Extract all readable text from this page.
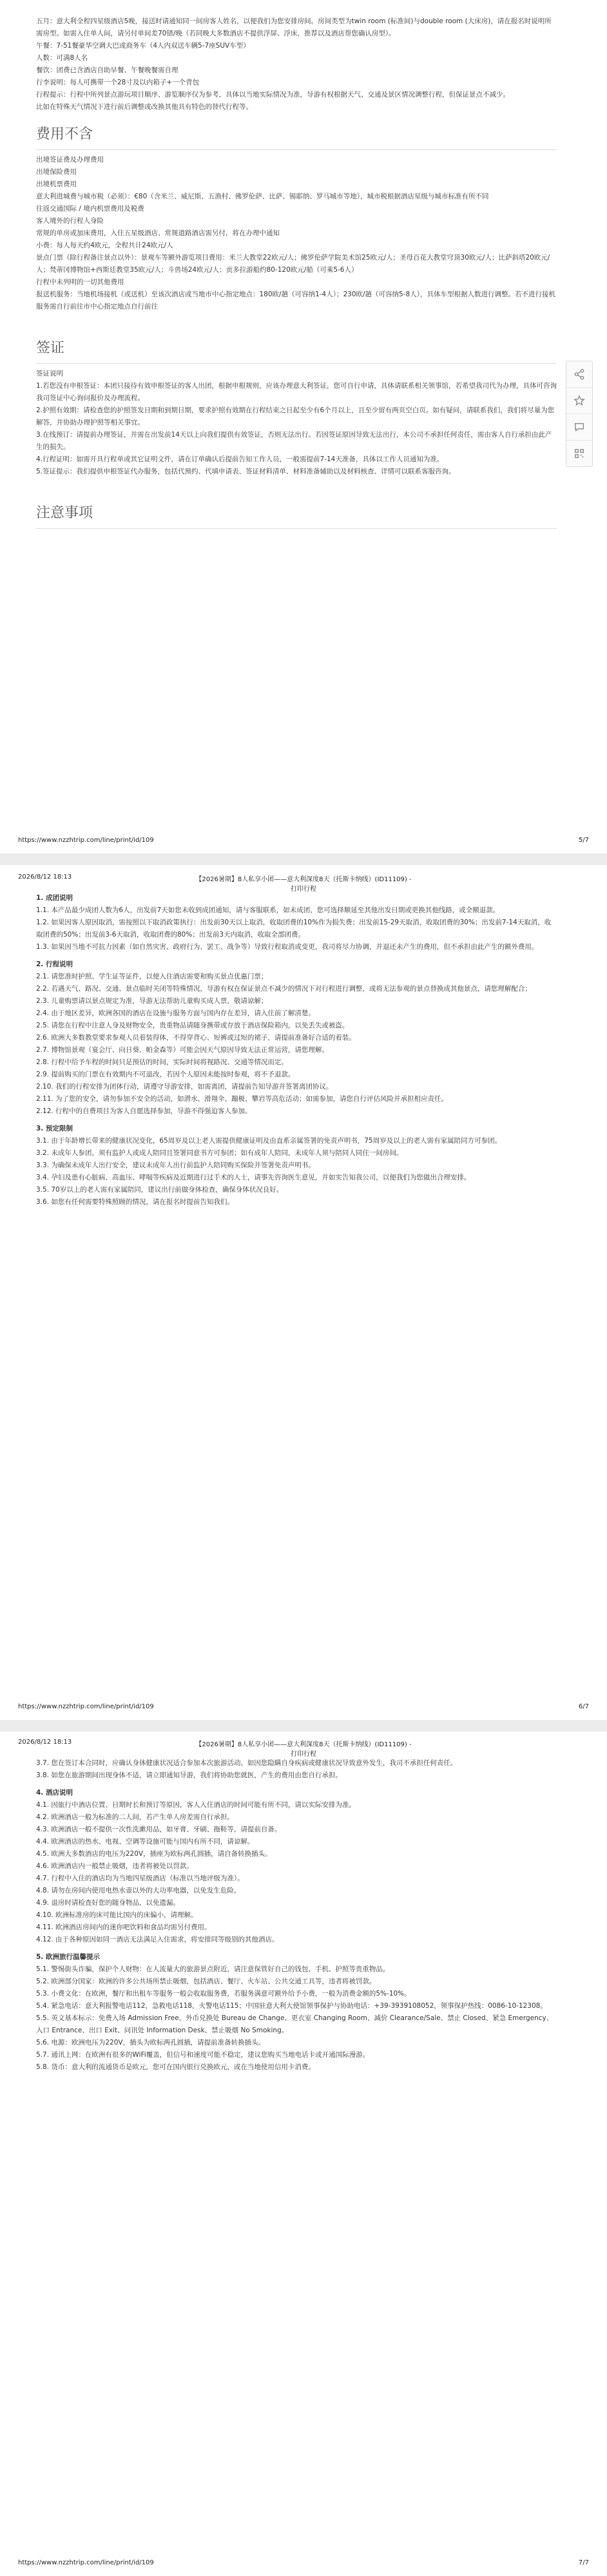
五月：意大利全程四星级酒店5晚，接送时请通知同一间房客人姓名，以便我们为您安排房间。房间类型为twin room (标准间)与double room (大床房)，请在报名时说明所需房型。如需入住单人间，请另付单间差70错/晚（若同晚大多数酒店不提供浮屏、浮床，推荐以及酒店帮您确认房型）。

午餐：7-51餐豪华空调大巴或商务车（4人内双送车辆5-7座SUV车型）

人数：可满8人名

餐饮：团费已含酒店自助早餐、午餐晚餐需自理

行李说明：每人可携带一个28寸及以内箱子+一个背包

行程提示：行程中所列景点游玩项目顺序、游览顺序仅为参考，具体以当地实际情况为准，导游有权根据天气、交通及景区情况调整行程，但保证景点不减少。

比如在特殊天气情况下进行前后调整或改换其他具有特色的替代行程等。

费用不含

出境签证费及办理费用

出境保险费用

出境机票费用

意大利进城费与城市税（必须）：€80（含米兰、威尼斯、五渔村、佛罗伦萨、比萨、锡耶纳、罗马城市等地），城市税根据酒店星级与城市标准有所不同

往返交通国际 / 境内机票费用及税费

客人境外的行程人身险

常规的单房或加床费用，入住五星级酒店、常规道路酒店需另付，将在办理中通知

小费：每人每天约4欧元，全程共计24欧元/人

景点门票（除行程备注景点以外）：景观车等额外游览项目费用：米兰大教堂22欧元/人；佛罗伦萨学院美术馆25欧元/人；圣母百花大教堂穹顶30欧元/人；比萨斜塔20欧元/人；梵蒂冈博物馆+西斯廷教堂35欧元/人；斗兽场24欧元/人；贡多拉游船约80-120欧元/船（可乘5-6人）

行程中未列明的一切其他费用

报送机服务：当地机场接机（或送机）至该次酒店或当地市中心指定地点：180欧/趟（可容纳1-4人）；230欧/趟（可容纳5-8人），具体车型根据人数进行调整。若不进行接机服务需自行前往市中心指定地点自行前往

签证

签证说明

1.若您没有申根签证：本团只接待有效申根签证的客人出团，根据申根规则，应该办理意大利签证，您可自行申请，具体请联系相关领事馆，若希望我司代为办理，具体可咨询我司签证中心询问报价及办理流程。

2.护照有效期：请检查您的护照签发日期和到期日期，要求护照有效期在行程结束之日起至少有6个月以上，且至少留有两页空白页。如有疑问，请联系我们，我们将尽量为您解答，并协助办理护照等相关事宜。

3.在线预订：请提前办理签证，并需在出发前14天以上向我们提供有效签证，否则无法出行。若因签证原因导致无法出行，本公司不承担任何责任，需由客人自行承担由此产生的损失。

4.行程证明：如需开具行程单或其它证明文件，请在订单确认后提前告知工作人员，一般需提前7-14天准备，具体以工作人员通知为准。

5.签证提示：我们提供申根签证代办服务，包括代预约、代填申请表、签证材料清单、材料准备辅助以及材料核查、详情可以联系客服咨询。

注意事项
https://www.nzzhtrip.com/line/print/id/109	5/7
2026/8/12 18:13	【2026暑期】8人私享小团——意大利深度8天（托斯卡纳线）(ID11109) - 打印行程

1. 成团说明

1.1. 本产品最少成团人数为6人，出发前7天如您未收到成团通知，请与客服联系，如未成团，您可选择顺延至其他出发日期或更换其他线路，或全额退款。

1.2. 如果因客人原因取消，需按照以下取消政策执行：出发前30天以上取消，收取团费的10%作为损失费；出发前15-29天取消，收取团费的30%；出发前7-14天取消，收取团费的50%；出发前3-6天取消，收取团费的80%；出发前3天内取消，收取全部团费。

1.3. 如果因当地不可抗力因素（如自然灾害、政府行为、罢工、战争等）导致行程取消或变更，我司将尽力协调，并退还未产生的费用，但不承担由此产生的额外费用。

2. 行程说明

2.1. 请您准时护照、学生证等证件，以便入住酒店需要和购买景点优惠门票；

2.2. 若遇天气、路况、交通、景点临时关闭等特殊情况，导游有权在保证景点不减少的情况下对行程进行调整，或将无法参观的景点替换成其他景点，请您理解配合；

2.3. 儿童购票请以景点规定为准，导游无法帮助儿童购买成人票，敬请谅解；

2.4. 由于地区差异，欧洲各国的酒店在设施与服务方面与国内存在差异，请入住前了解清楚。

2.5. 请您在行程中注意人身及财物安全，贵重物品请随身携带或存放于酒店保险箱内，以免丢失或被盗。

2.6. 欧洲大多数教堂要求参观人员着装得体，不得穿背心、短裤或过短的裙子，请提前准备好合适的着装。

2.7. 博物馆景观（宴会厅、向日葵、帕金森等）可能会因天气原因导致无法正常运营，请您理解。

2.8. 行程中给予车程的时间只是预估的时间，实际时间将视路况、交通等情况而定。

2.9. 提前购买的门票在有效期内不可退改，若因个人原因未能按时参观，将不予退款。

2.10. 我们的行程安排为团体行动，请遵守导游安排，如需离团，请提前告知导游并签署离团协议。

2.11. 为了您的安全，请勿参加不安全的活动，如潜水、滑翔伞、蹦极、攀岩等高危活动；如需参加，请您自行评估风险并承担相应责任。

2.12. 行程中的自费项目为客人自愿选择参加，导游不得强迫客人参加。

3. 预定限制

3.1. 由于年龄增长带来的健康状况变化，65周岁及以上老人需提供健康证明及由直系亲属签署的免责声明书，75周岁及以上的老人需有家属陪同方可参团。

3.2. 未成年人参团，须有监护人或成人陪同且签署同意书方可参团；如有成年人陪同，未成年人须与陪同人同住一间房间。

3.3. 为确保未成年人出行安全，建议未成年人出行前监护人陪同购买保险并签署免责声明书。

3.4. 孕妇及患有心脏病、高血压、哮喘等疾病及近期进行过手术的人士，请事先咨询医生意见，并如实告知我公司，以便我们为您做出合理安排。

3.5. 70岁以上的老人需有家属陪同，建议出行前做身体检查，确保身体状况良好。

3.6. 如您有任何需要特殊照顾的情况，请在报名时提前告知我们。

https://www.nzzhtrip.com/line/print/id/109	6/7
2026/8/12 18:13	【2026暑期】8人私享小团——意大利深度8天（托斯卡纳线）(ID11109) - 打印行程

3.7. 您在签订本合同时，应确认身体健康状况适合参加本次旅游活动。如因您隐瞒自身疾病或健康状况导致意外发生，我司不承担任何责任。

3.8. 如您在旅游期间出现身体不适，请立即通知导游，我们将协助您就医，产生的费用由您自行承担。

4. 酒店说明

4.1. 因旅行中酒店位置、日期时长和预订等原因，客人入住酒店的时间可能有所不同，请以实际安排为准。

4.2. 欧洲酒店一般为标准的二人间，若产生单人房差需自行承担。

4.3. 欧洲酒店一般不提供一次性洗漱用品，如牙膏、牙刷、拖鞋等，请提前自备。

4.4. 欧洲酒店的热水、电视、空调等设施可能与国内有所不同，请谅解。

4.5. 欧洲大多数酒店的电压为220V，插座为欧标两孔圆插，请自备转换插头。

4.6. 欧洲酒店内一般禁止吸烟，违者将被处以罚款。

4.7. 行程中入住的酒店均为当地四星级酒店（标准以当地评级为准）。

4.8. 请勿在房间内使用电热水壶以外的大功率电器，以免发生危险。

4.9. 退房时请检查好您的随身物品，以免遗漏。

4.10. 欧洲标准房的床可能比国内的床偏小，请理解。

4.11. 欧洲酒店房间内的迷你吧饮料和食品均需另付费用。

4.12. 由于各种原因如同一酒店无法满足入住需求，将安排同等级别的其他酒店。

5. 欧洲旅行温馨提示

5.1. 警惕街头诈骗，保护个人财物：在人流量大的旅游景点附近，请注意保管好自己的钱包、手机、护照等贵重物品。

5.2. 欧洲部分国家：欧洲的许多公共场所禁止吸烟，包括酒店、餐厅、火车站、公共交通工具等，违者将被罚款。

5.3. 小费文化：在欧洲，餐厅和出租车等服务一般会收取服务费，若服务满意可额外给予小费，一般为消费金额的5%-10%。

5.4. 紧急电话：意大利报警电话112，急救电话118，火警电话115；中国驻意大利大使馆领事保护与协助电话：+39-3939108052，领事保护热线：0086-10-12308。

5.5. 英文基本标示：免费入场 Admission Free、外币兑换处 Bureau de Change、更衣室 Changing Room、减价 Clearance/Sale、禁止 Closed、紧急 Emergency、入口 Entrance、出口 Exit、问讯处 Information Desk、禁止吸烟 No Smoking。

5.6. 电源：欧洲电压为220V，插头为欧标两孔圆插，请提前准备转换插头。

5.7. 通讯上网：在欧洲有很多的WiFi覆盖，但信号和速度可能不稳定，建议您购买当地电话卡或开通国际漫游。

5.8. 货币：意大利的流通货币是欧元，您可在国内银行兑换欧元，或在当地使用信用卡消费。

https://www.nzzhtrip.com/line/print/id/109	7/7
